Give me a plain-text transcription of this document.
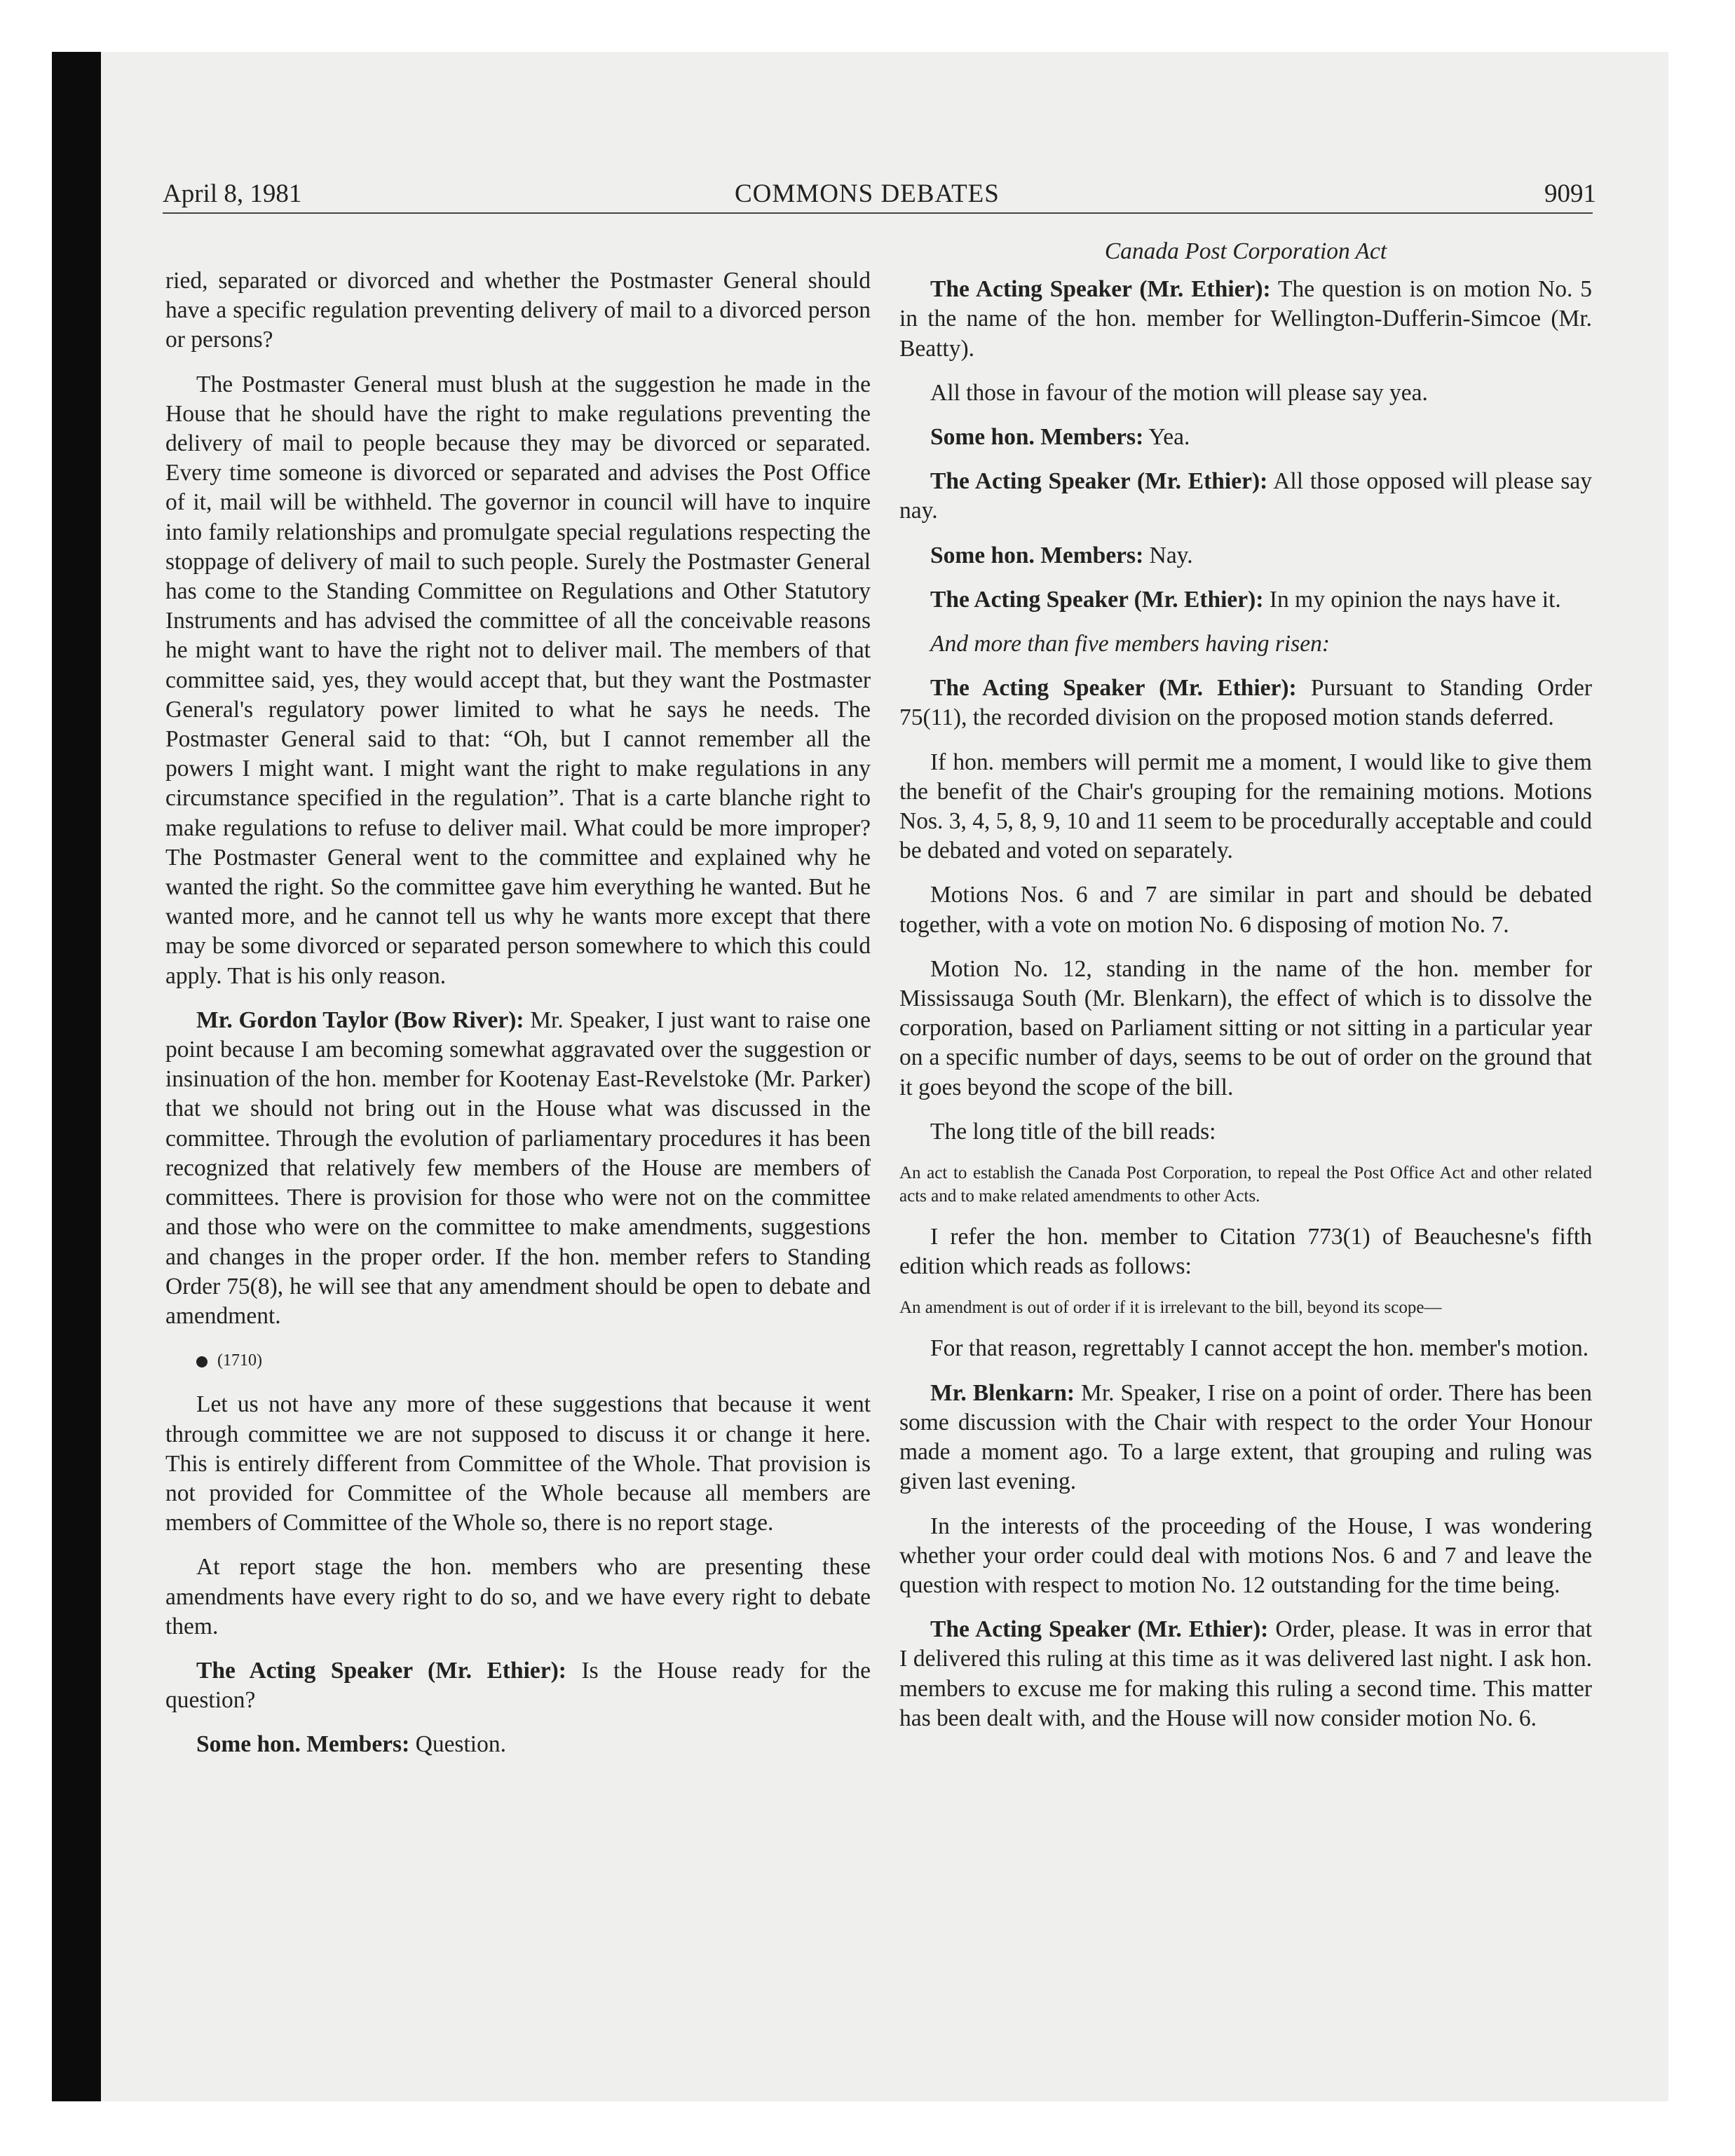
April 8, 1981	COMMONS DEBATES	9091

ried, separated or divorced and whether the Postmaster General should have a specific regulation preventing delivery of mail to a divorced person or persons?

The Postmaster General must blush at the suggestion he made in the House that he should have the right to make regulations preventing the delivery of mail to people because they may be divorced or separated. Every time someone is divorced or separated and advises the Post Office of it, mail will be withheld. The governor in council will have to inquire into family relationships and promulgate special regulations respecting the stoppage of delivery of mail to such people. Surely the Postmaster General has come to the Standing Committee on Regulations and Other Statutory Instruments and has advised the committee of all the conceivable reasons he might want to have the right not to deliver mail. The members of that committee said, yes, they would accept that, but they want the Postmaster General's regulatory power limited to what he says he needs. The Postmaster General said to that: “Oh, but I cannot remember all the powers I might want. I might want the right to make regulations in any circumstance specified in the regulation”. That is a carte blanche right to make regulations to refuse to deliver mail. What could be more improper? The Postmaster General went to the committee and explained why he wanted the right. So the committee gave him everything he wanted. But he wanted more, and he cannot tell us why he wants more except that there may be some divorced or separated person somewhere to which this could apply. That is his only reason.

Mr. Gordon Taylor (Bow River): Mr. Speaker, I just want to raise one point because I am becoming somewhat aggravated over the suggestion or insinuation of the hon. member for Kootenay East-Revelstoke (Mr. Parker) that we should not bring out in the House what was discussed in the committee. Through the evolution of parliamentary procedures it has been recognized that relatively few members of the House are members of committees. There is provision for those who were not on the committee and those who were on the committee to make amendments, suggestions and changes in the proper order. If the hon. member refers to Standing Order 75(8), he will see that any amendment should be open to debate and amendment.

(1710)

Let us not have any more of these suggestions that because it went through committee we are not supposed to discuss it or change it here. This is entirely different from Committee of the Whole. That provision is not provided for Committee of the Whole because all members are members of Committee of the Whole so, there is no report stage.

At report stage the hon. members who are presenting these amendments have every right to do so, and we have every right to debate them.

The Acting Speaker (Mr. Ethier): Is the House ready for the question?

Some hon. Members: Question.

Canada Post Corporation Act

The Acting Speaker (Mr. Ethier): The question is on motion No. 5 in the name of the hon. member for Wellington-Dufferin-Simcoe (Mr. Beatty).

All those in favour of the motion will please say yea.

Some hon. Members: Yea.

The Acting Speaker (Mr. Ethier): All those opposed will please say nay.

Some hon. Members: Nay.

The Acting Speaker (Mr. Ethier): In my opinion the nays have it.

And more than five members having risen:

The Acting Speaker (Mr. Ethier): Pursuant to Standing Order 75(11), the recorded division on the proposed motion stands deferred.

If hon. members will permit me a moment, I would like to give them the benefit of the Chair's grouping for the remaining motions. Motions Nos. 3, 4, 5, 8, 9, 10 and 11 seem to be procedurally acceptable and could be debated and voted on separately.

Motions Nos. 6 and 7 are similar in part and should be debated together, with a vote on motion No. 6 disposing of motion No. 7.

Motion No. 12, standing in the name of the hon. member for Mississauga South (Mr. Blenkarn), the effect of which is to dissolve the corporation, based on Parliament sitting or not sitting in a particular year on a specific number of days, seems to be out of order on the ground that it goes beyond the scope of the bill.

The long title of the bill reads:

An act to establish the Canada Post Corporation, to repeal the Post Office Act and other related acts and to make related amendments to other Acts.

I refer the hon. member to Citation 773(1) of Beauchesne's fifth edition which reads as follows:

An amendment is out of order if it is irrelevant to the bill, beyond its scope—

For that reason, regrettably I cannot accept the hon. member's motion.

Mr. Blenkarn: Mr. Speaker, I rise on a point of order. There has been some discussion with the Chair with respect to the order Your Honour made a moment ago. To a large extent, that grouping and ruling was given last evening.

In the interests of the proceeding of the House, I was wondering whether your order could deal with motions Nos. 6 and 7 and leave the question with respect to motion No. 12 outstanding for the time being.

The Acting Speaker (Mr. Ethier): Order, please. It was in error that I delivered this ruling at this time as it was delivered last night. I ask hon. members to excuse me for making this ruling a second time. This matter has been dealt with, and the House will now consider motion No. 6.
